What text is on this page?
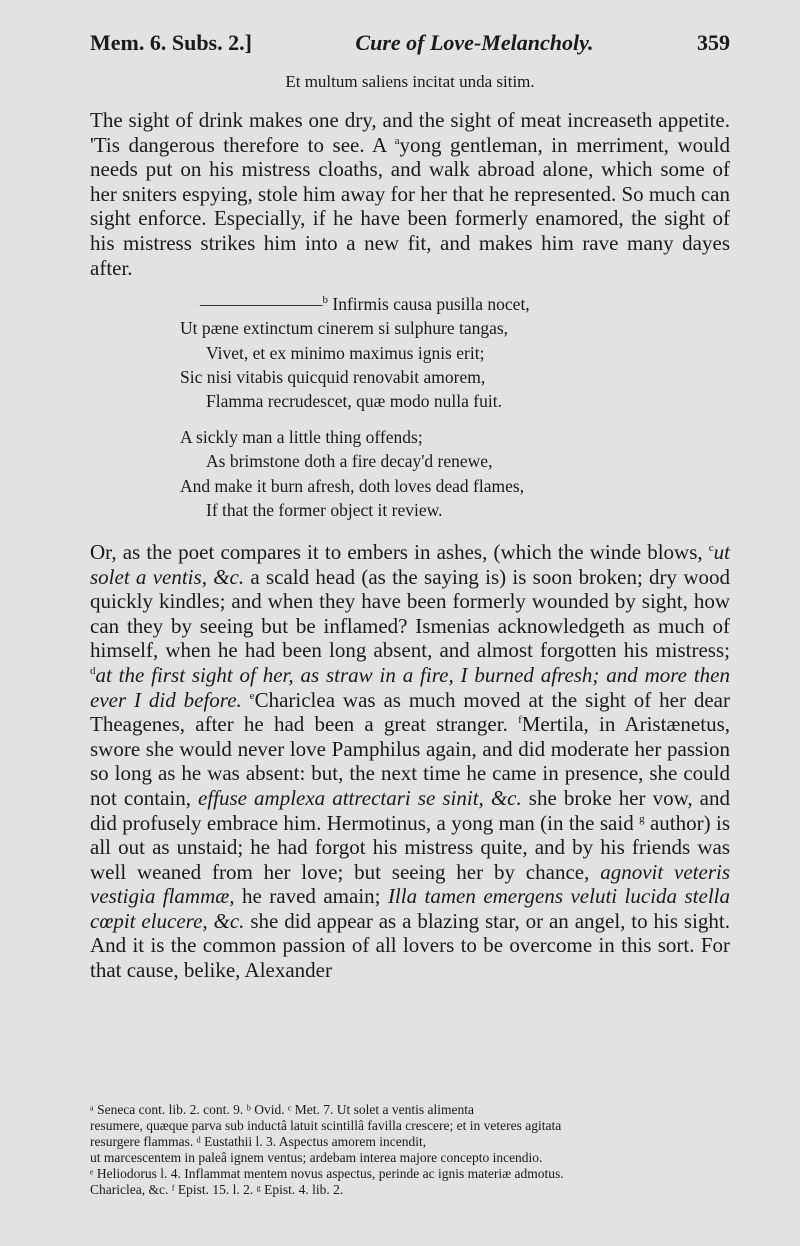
Mem. 6. Subs. 2.]	Cure of Love-Melancholy.	359
Et multum saliens incitat unda sitim.

The sight of drink makes one dry, and the sight of meat increaseth appetite. 'Tis dangerous therefore to see. A $^a$yong gentleman, in merriment, would needs put on his mistress cloaths, and walk abroad alone, which some of her sniters espying, stole him away for her that he represented. So much can sight enforce. Especially, if he have been formerly enamored, the sight of his mistress strikes him into a new fit, and makes him rave many dayes after.

———————$^b$ Infirmis causa pusilla nocet,
Ut pæne extinctum cinerem si sulphure tangas,
Vivet, et ex minimo maximus ignis erit;
Sic nisi vitabis quicquid renovabit amorem,
Flamma recrudescet, quæ modo nulla fuit.
A sickly man a little thing offends;
As brimstone doth a fire decay'd renewe,
And make it burn afresh, doth loves dead flames,
If that the former object it review.

Or, as the poet compares it to embers in ashes, (which the winde blows, $^c$ut solet a ventis, &c. a scald head (as the saying is) is soon broken; dry wood quickly kindles; and when they have been formerly wounded by sight, how can they by seeing but be inflamed? Ismenias acknowledgeth as much of himself, when he had been long absent, and almost forgotten his mistress; $^d$at the first sight of her, as straw in a fire, I burned afresh; and more then ever I did before. $^e$Chariclea was as much moved at the sight of her dear Theagenes, after he had been a great stranger. $^f$Mertila, in Aristænetus, swore she would never love Pamphilus again, and did moderate her passion so long as he was absent: but, the next time he came in presence, she could not contain, effuse amplexa attrectari se sinit, &c. she broke her vow, and did profusely embrace him. Hermotinus, a yong man (in the said $^g$ author) is all out as unstaid; he had forgot his mistress quite, and by his friends was well weaned from her love; but seeing her by chance, agnovit veteris vestigia flammæ, he raved amain; Illa tamen emergens veluti lucida stella cœpit elucere, &c. she did appear as a blazing star, or an angel, to his sight. And it is the common passion of all lovers to be overcome in this sort. For that cause, belike, Alexander

ᵃ Seneca cont. lib. 2. cont. 9. ᵇ Ovid. ᶜ Met. 7. Ut solet a ventis alimenta
resumere, quæque parva sub inductâ latuit scintillâ favilla crescere; et in veteres agitata
resurgere flammas. ᵈ Eustathii l. 3. Aspectus amorem incendit,
ut marcescentem in paleâ ignem ventus; ardebam interea majore concepto incendio.
ᵉ Heliodorus l. 4. Inflammat mentem novus aspectus, perinde ac ignis materiæ admotus.
Chariclea, &c. ᶠ Epist. 15. l. 2. ᵍ Epist. 4. lib. 2.
